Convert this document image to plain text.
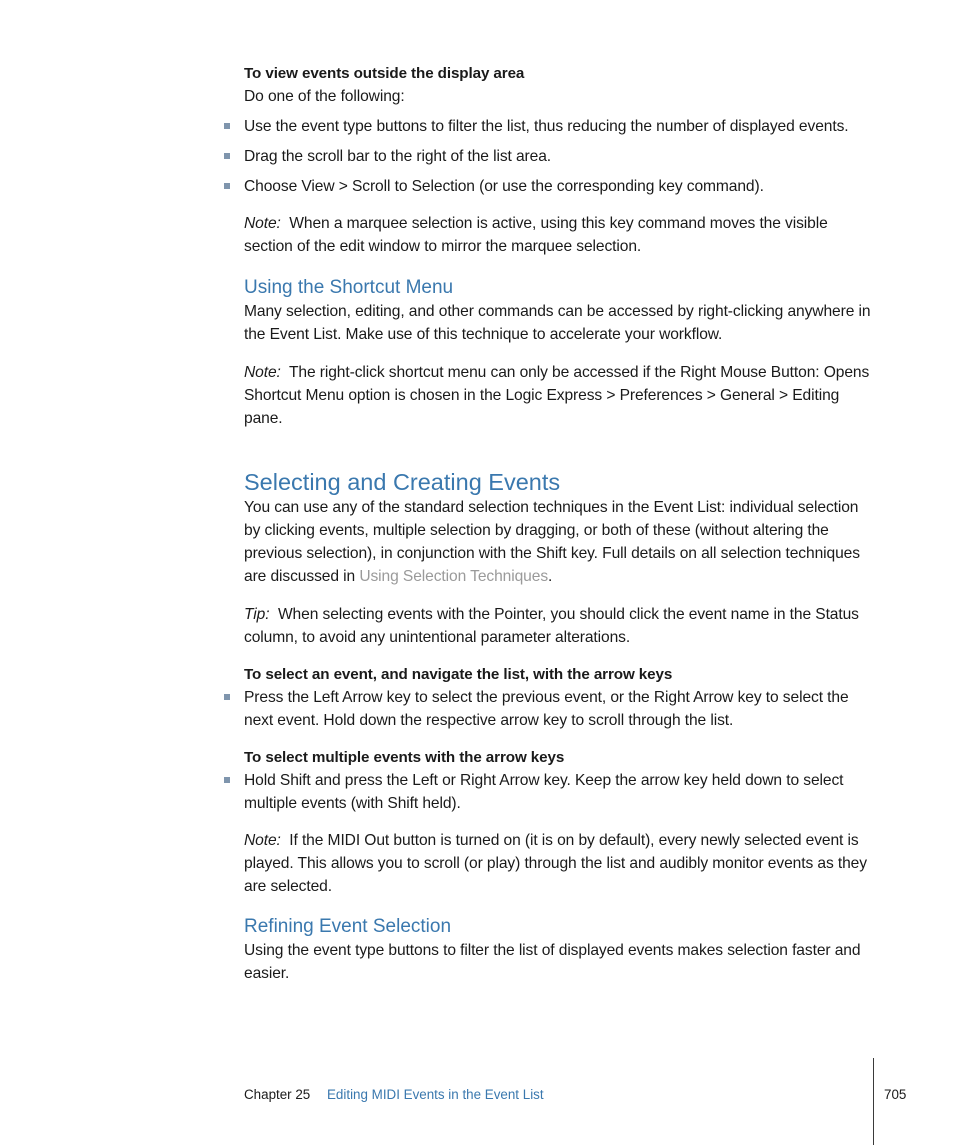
To view events outside the display area

Do one of the following:

Use the event type buttons to filter the list, thus reducing the number of displayed events.

Drag the scroll bar to the right of the list area.

Choose View > Scroll to Selection (or use the corresponding key command).

Note: When a marquee selection is active, using this key command moves the visible section of the edit window to mirror the marquee selection.

Using the Shortcut Menu

Many selection, editing, and other commands can be accessed by right-clicking anywhere in the Event List. Make use of this technique to accelerate your workflow.

Note: The right-click shortcut menu can only be accessed if the Right Mouse Button: Opens Shortcut Menu option is chosen in the Logic Express > Preferences > General > Editing pane.

Selecting and Creating Events

You can use any of the standard selection techniques in the Event List: individual selection by clicking events, multiple selection by dragging, or both of these (without altering the previous selection), in conjunction with the Shift key. Full details on all selection techniques are discussed in Using Selection Techniques.

Tip: When selecting events with the Pointer, you should click the event name in the Status column, to avoid any unintentional parameter alterations.

To select an event, and navigate the list, with the arrow keys

Press the Left Arrow key to select the previous event, or the Right Arrow key to select the next event. Hold down the respective arrow key to scroll through the list.

To select multiple events with the arrow keys

Hold Shift and press the Left or Right Arrow key. Keep the arrow key held down to select multiple events (with Shift held).

Note: If the MIDI Out button is turned on (it is on by default), every newly selected event is played. This allows you to scroll (or play) through the list and audibly monitor events as they are selected.

Refining Event Selection

Using the event type buttons to filter the list of displayed events makes selection faster and easier.

Chapter 25 Editing MIDI Events in the Event List	705
